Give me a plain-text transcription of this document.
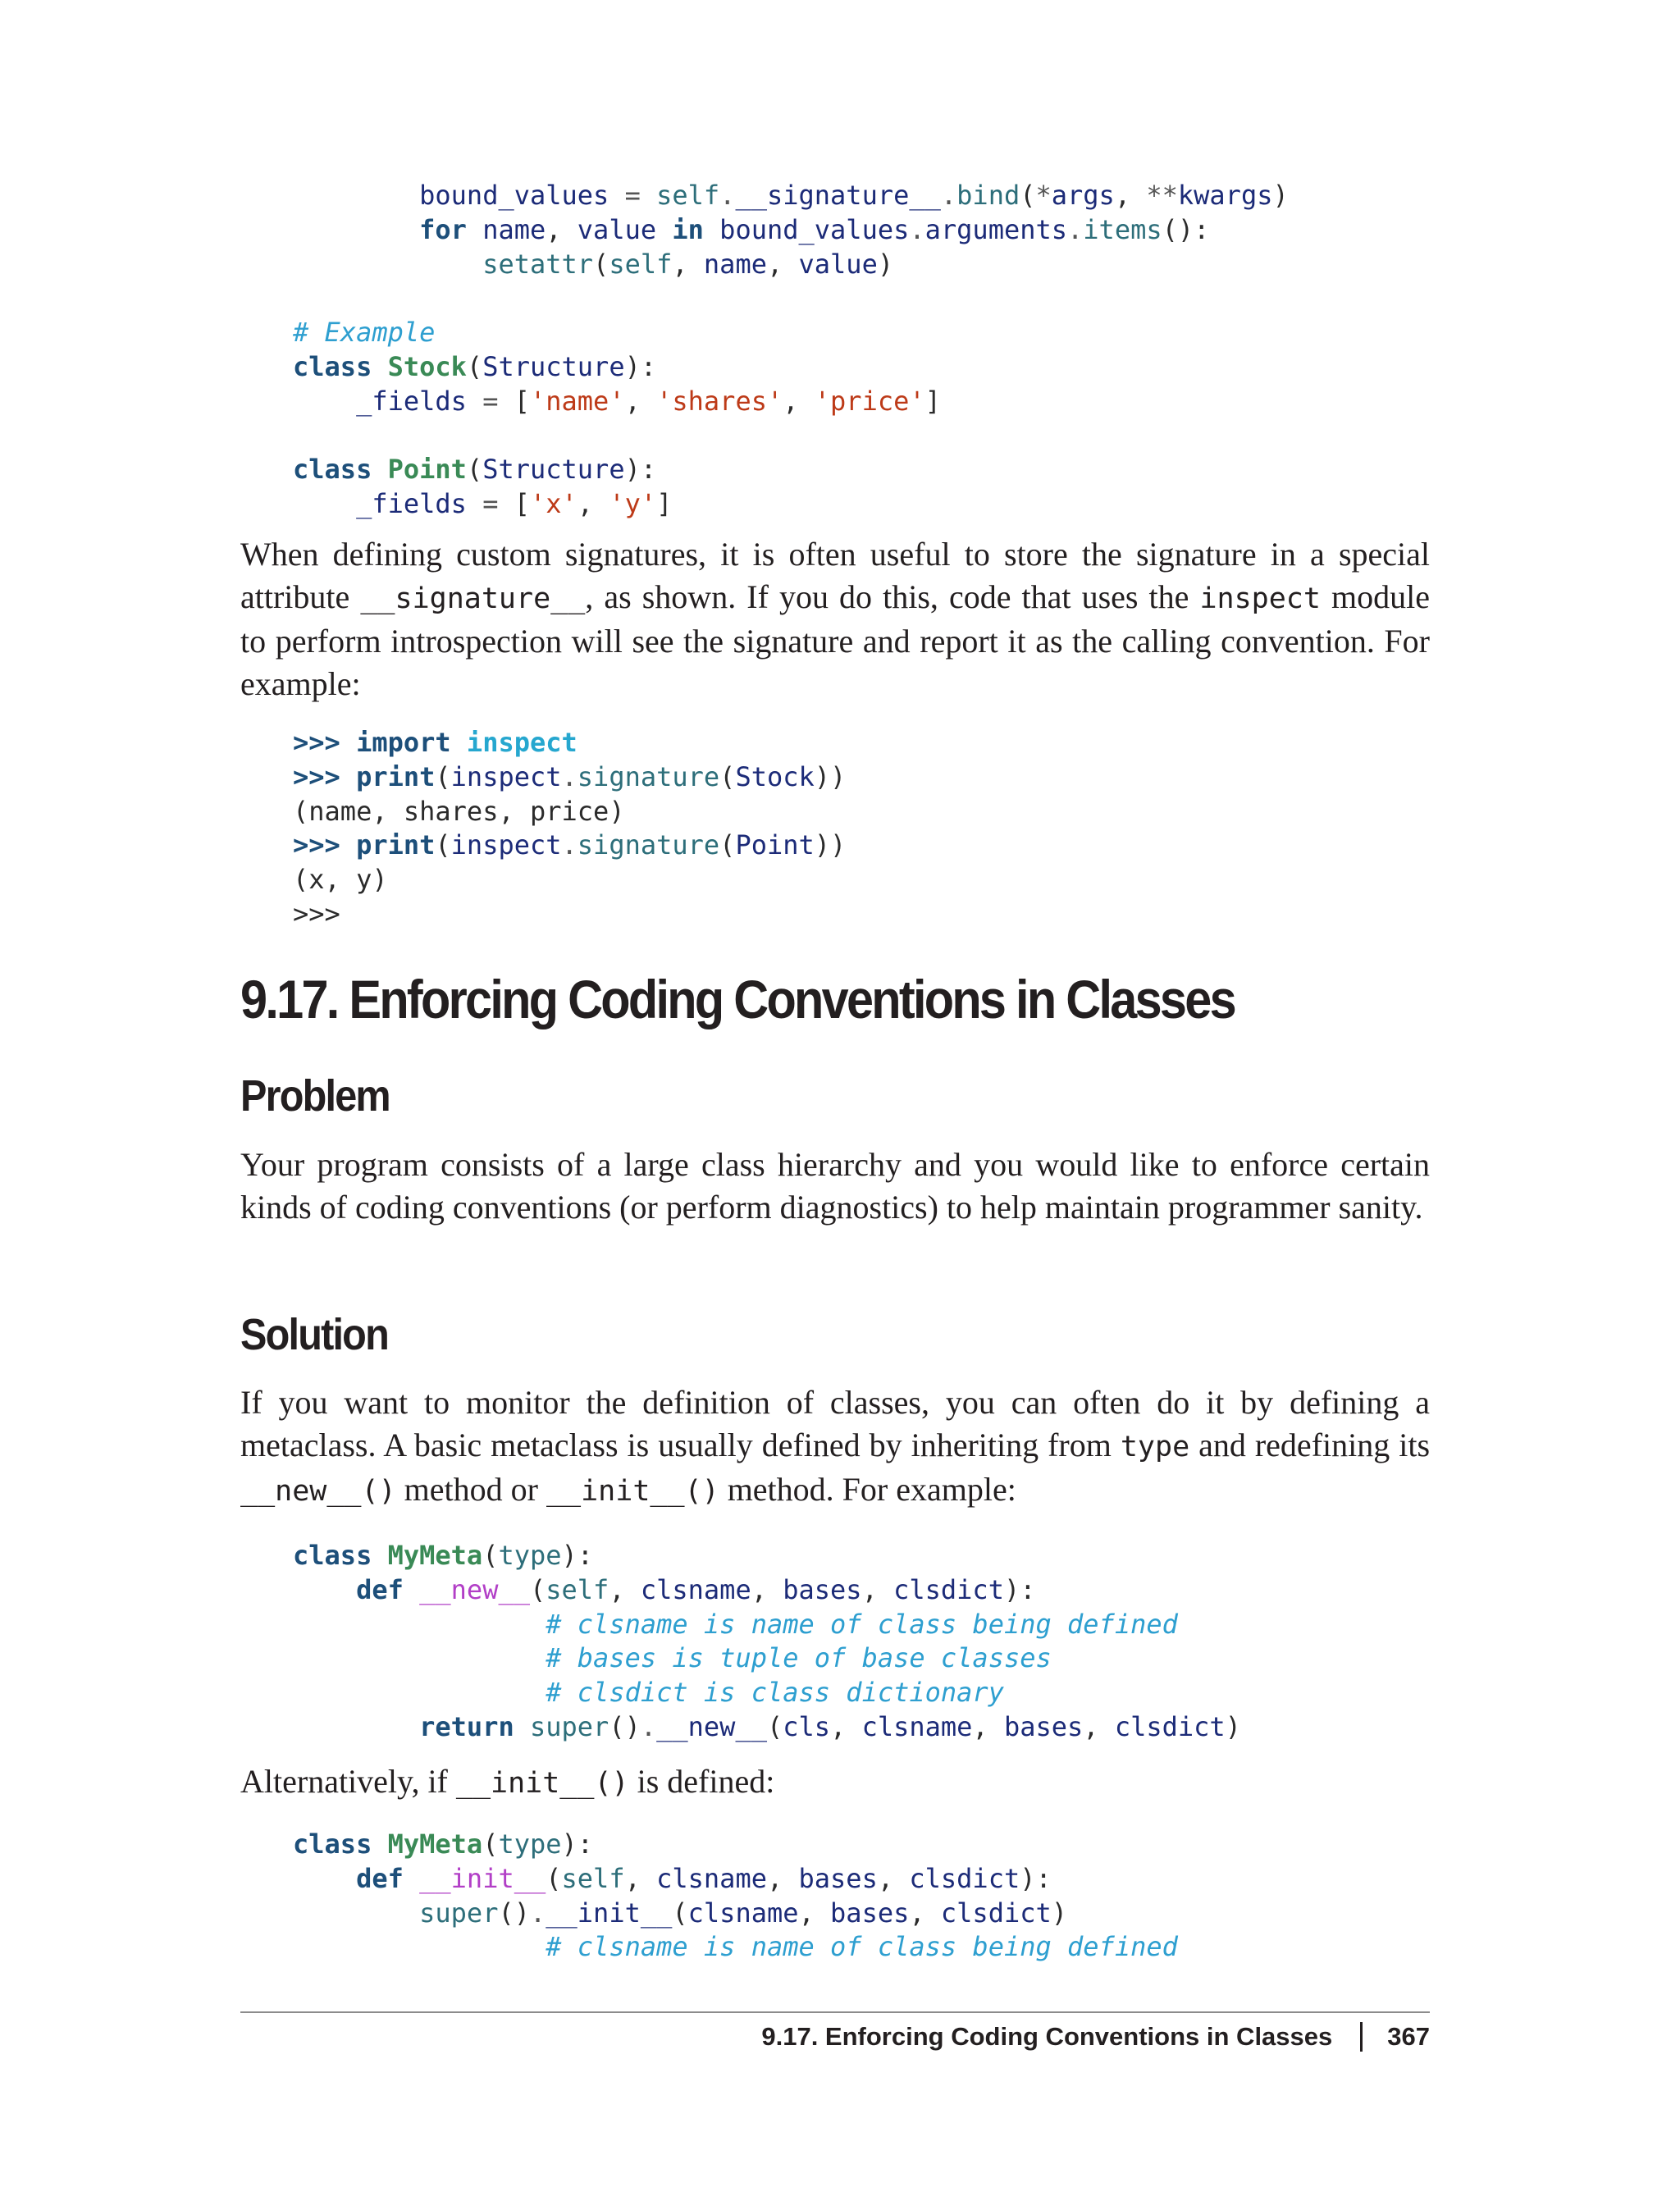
bound_values = self.__signature__.bind(*args, **kwargs)
for name, value in bound_values.arguments.items():
setattr(self, name, value)

# Example
class Stock(Structure):
_fields = ['name', 'shares', 'price']

class Point(Structure):
_fields = ['x', 'y']

When defining custom signatures, it is often useful to store the signature in a special attribute __signature__, as shown. If you do this, code that uses the inspect module to perform introspection will see the signature and report it as the calling convention. For example:

>>> import inspect
>>> print(inspect.signature(Stock))
(name, shares, price)
>>> print(inspect.signature(Point))
(x, y)
>>>
9.17. Enforcing Coding Conventions in Classes
Problem

Your program consists of a large class hierarchy and you would like to enforce certain kinds of coding conventions (or perform diagnostics) to help maintain programmer sanity.

Solution

If you want to monitor the definition of classes, you can often do it by defining a metaclass. A basic metaclass is usually defined by inheriting from type and redefining its __new__() method or __init__() method. For example:

class MyMeta(type):
def __new__(self, clsname, bases, clsdict):
# clsname is name of class being defined
# bases is tuple of base classes
# clsdict is class dictionary
return super().__new__(cls, clsname, bases, clsdict)

Alternatively, if __init__() is defined:

class MyMeta(type):
def __init__(self, clsname, bases, clsdict):
super().__init__(clsname, bases, clsdict)
# clsname is name of class being defined
9.17. Enforcing Coding Conventions in Classes 367
